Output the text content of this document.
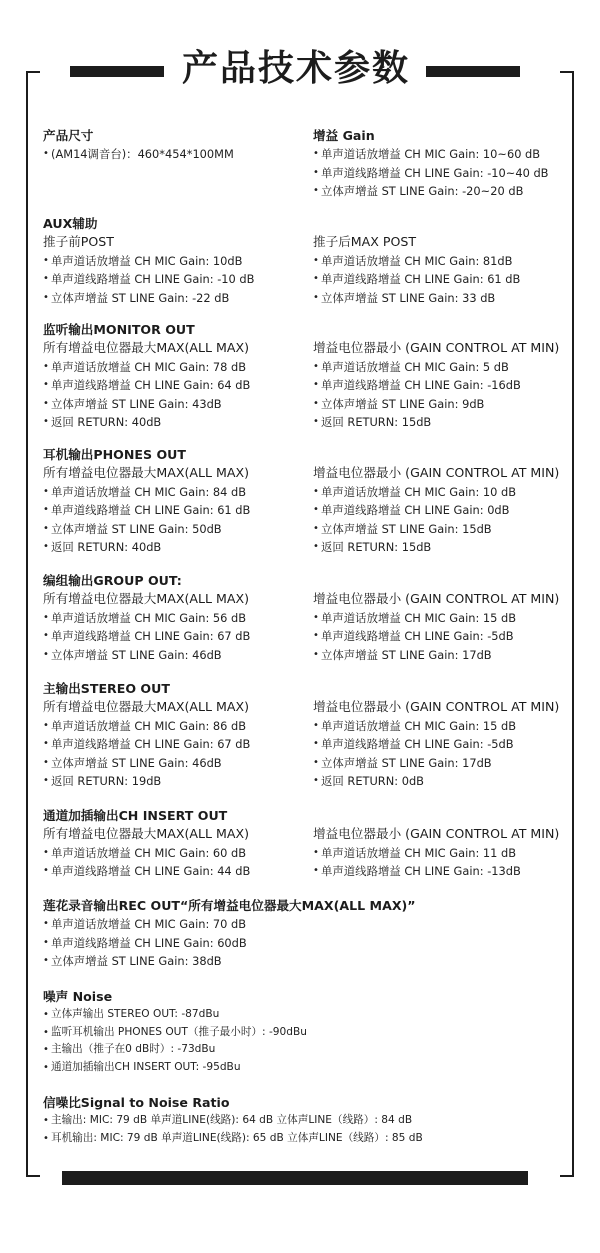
产品技术参数

产品尺寸

• (AM14调音台)：460*454*100MM

增益 Gain

• 单声道话放增益 CH MIC Gain: 10~60 dB
• 单声道线路增益 CH LINE Gain: -10~40 dB
• 立体声增益 ST LINE Gain: -20~20 dB

AUX辅助

推子前POST

• 单声道话放增益 CH MIC Gain: 10dB
• 单声道线路增益 CH LINE Gain: -10 dB
• 立体声增益 ST LINE Gain: -22 dB

推子后MAX POST

• 单声道话放增益 CH MIC Gain: 81dB
• 单声道线路增益 CH LINE Gain: 61 dB
• 立体声增益 ST LINE Gain: 33 dB

监听输出MONITOR OUT

所有增益电位器最大MAX(ALL MAX)

• 单声道话放增益 CH MIC Gain: 78 dB
• 单声道线路增益 CH LINE Gain: 64 dB
• 立体声增益 ST LINE Gain: 43dB
• 返回 RETURN: 40dB

增益电位器最小 (GAIN CONTROL AT MIN)

• 单声道话放增益 CH MIC Gain: 5 dB
• 单声道线路增益 CH LINE Gain: -16dB
• 立体声增益 ST LINE Gain: 9dB
• 返回 RETURN: 15dB

耳机输出PHONES OUT

所有增益电位器最大MAX(ALL MAX)

• 单声道话放增益 CH MIC Gain: 84 dB
• 单声道线路增益 CH LINE Gain: 61 dB
• 立体声增益 ST LINE Gain: 50dB
• 返回 RETURN: 40dB

增益电位器最小 (GAIN CONTROL AT MIN)

• 单声道话放增益 CH MIC Gain: 10 dB
• 单声道线路增益 CH LINE Gain: 0dB
• 立体声增益 ST LINE Gain: 15dB
• 返回 RETURN: 15dB

编组输出GROUP OUT:

所有增益电位器最大MAX(ALL MAX)

• 单声道话放增益 CH MIC Gain: 56 dB
• 单声道线路增益 CH LINE Gain: 67 dB
• 立体声增益 ST LINE Gain: 46dB

增益电位器最小 (GAIN CONTROL AT MIN)

• 单声道话放增益 CH MIC Gain: 15 dB
• 单声道线路增益 CH LINE Gain: -5dB
• 立体声增益 ST LINE Gain: 17dB

主输出STEREO OUT

所有增益电位器最大MAX(ALL MAX)

• 单声道话放增益 CH MIC Gain: 86 dB
• 单声道线路增益 CH LINE Gain: 67 dB
• 立体声增益 ST LINE Gain: 46dB
• 返回 RETURN: 19dB

增益电位器最小 (GAIN CONTROL AT MIN)

• 单声道话放增益 CH MIC Gain: 15 dB
• 单声道线路增益 CH LINE Gain: -5dB
• 立体声增益 ST LINE Gain: 17dB
• 返回 RETURN: 0dB

通道加插输出CH INSERT OUT

所有增益电位器最大MAX(ALL MAX)

• 单声道话放增益 CH MIC Gain: 60 dB
• 单声道线路增益 CH LINE Gain: 44 dB

增益电位器最小 (GAIN CONTROL AT MIN)

• 单声道话放增益 CH MIC Gain: 11 dB
• 单声道线路增益 CH LINE Gain: -13dB

莲花录音输出REC OUT“所有增益电位器最大MAX(ALL MAX)”

• 单声道话放增益 CH MIC Gain: 70 dB
• 单声道线路增益 CH LINE Gain: 60dB
• 立体声增益 ST LINE Gain: 38dB

噪声 Noise

• 立体声输出 STEREO OUT: -87dBu
• 监听耳机输出 PHONES OUT（推子最小时）: -90dBu
• 主输出（推子在0 dB时）: -73dBu
• 通道加插输出CH INSERT OUT: -95dBu

信噪比Signal to Noise Ratio

• 主输出: MIC: 79 dB 单声道LINE(线路): 64 dB 立体声LINE（线路）: 84 dB
• 耳机输出: MIC: 79 dB 单声道LINE(线路): 65 dB 立体声LINE（线路）: 85 dB
